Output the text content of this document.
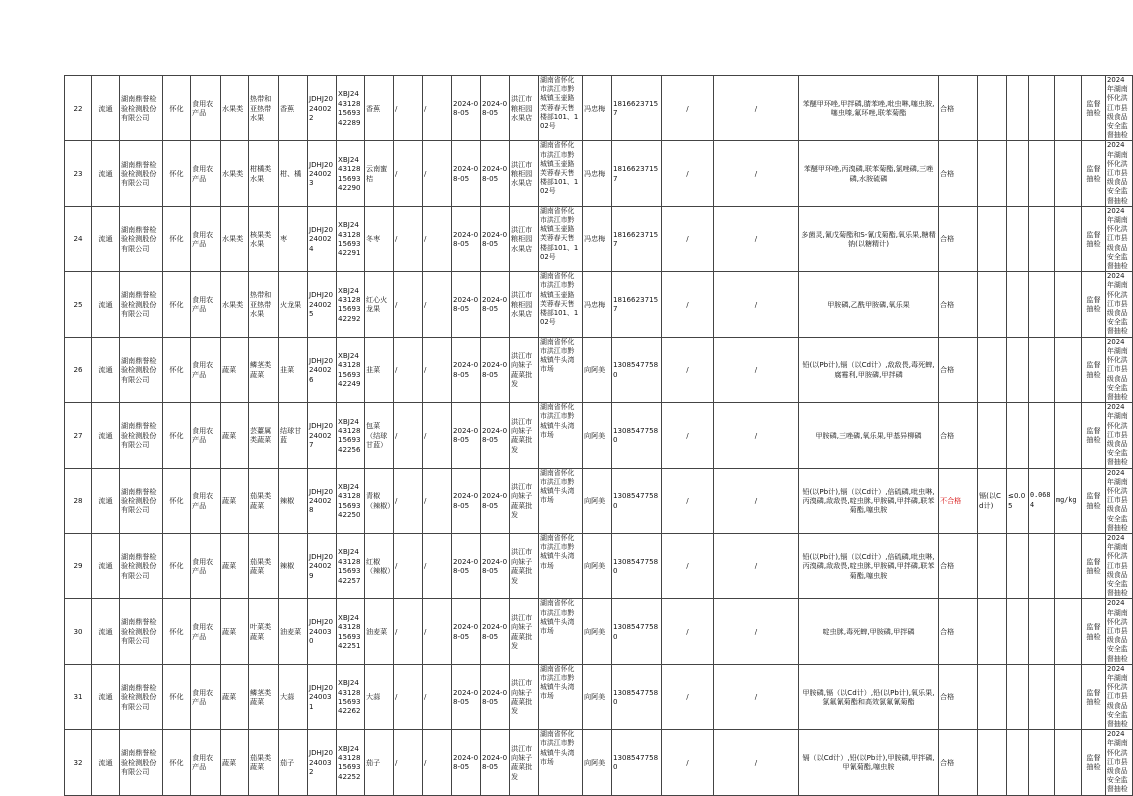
22	流通	湖南鼎誉检验检测股份有限公司	怀化	食用农产品	水果类	热带和亚热带水果	香蕉	JDHJ20240022	XBJ24431281569342289	香蕉	/	/	2024-08-05	2024-08-05	洪江市粮柜园水果店	湖南省怀化市洪江市黔城镇玉壶路芙蓉春天售楼部101、102号	冯忠梅	18166237157	/	/	苯醚甲环唑,甲拌磷,腈苯唑,吡虫啉,噻虫胺,噻虫嗪,氟环唑,联苯菊酯	合格					监督抽检	2024年湖南怀化洪江市县级食品安全监督抽检
23	流通	湖南鼎誉检验检测股份有限公司	怀化	食用农产品	水果类	柑橘类水果	柑、橘	JDHJ20240023	XBJ24431281569342290	云南蜜桔	/	/	2024-08-05	2024-08-05	洪江市粮柜园水果店	湖南省怀化市洪江市黔城镇玉壶路芙蓉春天售楼部101、102号	冯忠梅	18166237157	/	/	苯醚甲环唑,丙溴磷,联苯菊酯,氯唑磷,三唑磷,水胺硫磷	合格					监督抽检	2024年湖南怀化洪江市县级食品安全监督抽检
24	流通	湖南鼎誉检验检测股份有限公司	怀化	食用农产品	水果类	核果类水果	枣	JDHJ20240024	XBJ24431281569342291	冬枣	/	/	2024-08-05	2024-08-05	洪江市粮柜园水果店	湖南省怀化市洪江市黔城镇玉壶路芙蓉春天售楼部101、102号	冯忠梅	18166237157	/	/	多菌灵,氰戊菊酯和S-氰戊菊酯,氧乐果,糖精钠(以糖精计)	合格					监督抽检	2024年湖南怀化洪江市县级食品安全监督抽检
25	流通	湖南鼎誉检验检测股份有限公司	怀化	食用农产品	水果类	热带和亚热带水果	火龙果	JDHJ20240025	XBJ24431281569342292	红心火龙果	/	/	2024-08-05	2024-08-05	洪江市粮柜园水果店	湖南省怀化市洪江市黔城镇玉壶路芙蓉春天售楼部101、102号	冯忠梅	18166237157	/	/	甲胺磷,乙酰甲胺磷,氧乐果	合格					监督抽检	2024年湖南怀化洪江市县级食品安全监督抽检
26	流通	湖南鼎誉检验检测股份有限公司	怀化	食用农产品	蔬菜	鳞茎类蔬菜	韭菜	JDHJ20240026	XBJ24431281569342249	韭菜	/	/	2024-08-05	2024-08-05	洪江市向妹子蔬菜批发	湖南省怀化市洪江市黔城镇牛头湾市场	向阿美	13085477580	/	/	铅(以Pb计),镉（以Cd计）,敌敌畏,毒死蜱,腐霉利,甲胺磷,甲拌磷	合格					监督抽检	2024年湖南怀化洪江市县级食品安全监督抽检
27	流通	湖南鼎誉检验检测股份有限公司	怀化	食用农产品	蔬菜	芸薹属类蔬菜	结球甘蓝	JDHJ20240027	XBJ24431281569342256	包菜（结球甘蓝）	/	/	2024-08-05	2024-08-05	洪江市向妹子蔬菜批发	湖南省怀化市洪江市黔城镇牛头湾市场	向阿美	13085477580	/	/	甲胺磷,三唑磷,氧乐果,甲基异柳磷	合格					监督抽检	2024年湖南怀化洪江市县级食品安全监督抽检
28	流通	湖南鼎誉检验检测股份有限公司	怀化	食用农产品	蔬菜	茄果类蔬菜	辣椒	JDHJ20240028	XBJ24431281569342250	青椒（辣椒）	/	/	2024-08-05	2024-08-05	洪江市向妹子蔬菜批发	湖南省怀化市洪江市黔城镇牛头湾市场	向阿美	13085477580	/	/	铅(以Pb计),镉（以Cd计）,倍硫磷,吡虫啉,丙溴磷,敌敌畏,啶虫脒,甲胺磷,甲拌磷,联苯菊酯,噻虫胺	不合格	镉(以Cd计)	≤0.05	0.0684	mg/kg	监督抽检	2024年湖南怀化洪江市县级食品安全监督抽检
29	流通	湖南鼎誉检验检测股份有限公司	怀化	食用农产品	蔬菜	茄果类蔬菜	辣椒	JDHJ20240029	XBJ24431281569342257	红椒（辣椒）	/	/	2024-08-05	2024-08-05	洪江市向妹子蔬菜批发	湖南省怀化市洪江市黔城镇牛头湾市场	向阿美	13085477580	/	/	铅(以Pb计),镉（以Cd计）,倍硫磷,吡虫啉,丙溴磷,敌敌畏,啶虫脒,甲胺磷,甲拌磷,联苯菊酯,噻虫胺	合格					监督抽检	2024年湖南怀化洪江市县级食品安全监督抽检
30	流通	湖南鼎誉检验检测股份有限公司	怀化	食用农产品	蔬菜	叶菜类蔬菜	油麦菜	JDHJ20240030	XBJ24431281569342251	油麦菜	/	/	2024-08-05	2024-08-05	洪江市向妹子蔬菜批发	湖南省怀化市洪江市黔城镇牛头湾市场	向阿美	13085477580	/	/	啶虫脒,毒死蜱,甲胺磷,甲拌磷	合格					监督抽检	2024年湖南怀化洪江市县级食品安全监督抽检
31	流通	湖南鼎誉检验检测股份有限公司	怀化	食用农产品	蔬菜	鳞茎类蔬菜	大蒜	JDHJ20240031	XBJ24431281569342262	大蒜	/	/	2024-08-05	2024-08-05	洪江市向妹子蔬菜批发	湖南省怀化市洪江市黔城镇牛头湾市场	向阿美	13085477580	/	/	甲胺磷,镉（以Cd计）,铅(以Pb计),氧乐果,氯氟氰菊酯和高效氯氟氰菊酯	合格					监督抽检	2024年湖南怀化洪江市县级食品安全监督抽检
32	流通	湖南鼎誉检验检测股份有限公司	怀化	食用农产品	蔬菜	茄果类蔬菜	茄子	JDHJ20240032	XBJ24431281569342252	茄子	/	/	2024-08-05	2024-08-05	洪江市向妹子蔬菜批发	湖南省怀化市洪江市黔城镇牛头湾市场	向阿美	13085477580	/	/	镉（以Cd计）,铅(以Pb计),甲胺磷,甲拌磷,甲氰菊酯,噻虫胺	合格					监督抽检	2024年湖南怀化洪江市县级食品安全监督抽检
